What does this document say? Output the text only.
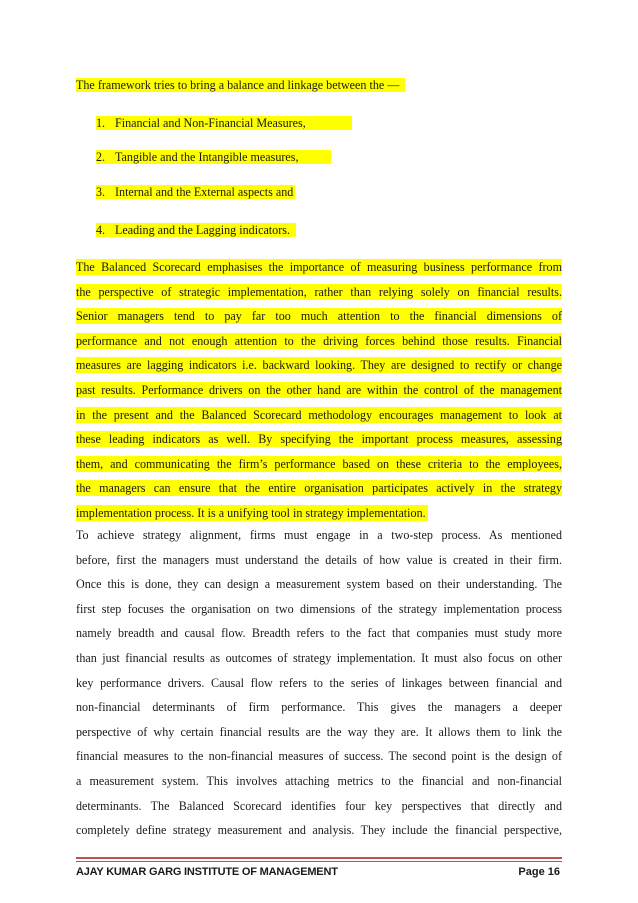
The framework tries to bring a balance and linkage between the —
1. Financial and Non-Financial Measures,
2. Tangible and the Intangible measures,
3. Internal and the External aspects and
4. Leading and the Lagging indicators.
The Balanced Scorecard emphasises the importance of measuring business performance from
the perspective of strategic implementation, rather than relying solely on financial results.
Senior managers tend to pay far too much attention to the financial dimensions of
performance and not enough attention to the driving forces behind those results. Financial
measures are lagging indicators i.e. backward looking. They are designed to rectify or change
past results. Performance drivers on the other hand are within the control of the management
in the present and the Balanced Scorecard methodology encourages management to look at
these leading indicators as well. By specifying the important process measures, assessing
them, and communicating the firm’s performance based on these criteria to the employees,
the managers can ensure that the entire organisation participates actively in the strategy
implementation process. It is a unifying tool in strategy implementation.
To achieve strategy alignment, firms must engage in a two-step process. As mentioned
before, first the managers must understand the details of how value is created in their firm.
Once this is done, they can design a measurement system based on their understanding. The
first step focuses the organisation on two dimensions of the strategy implementation process
namely breadth and causal flow. Breadth refers to the fact that companies must study more
than just financial results as outcomes of strategy implementation. It must also focus on other
key performance drivers. Causal flow refers to the series of linkages between financial and
non-financial determinants of firm performance. This gives the managers a deeper
perspective of why certain financial results are the way they are. It allows them to link the
financial measures to the non-financial measures of success. The second point is the design of
a measurement system. This involves attaching metrics to the financial and non-financial
determinants. The Balanced Scorecard identifies four key perspectives that directly and
completely define strategy measurement and analysis. They include the financial perspective,
AJAY KUMAR GARG INSTITUTE OF MANAGEMENT	Page 16
